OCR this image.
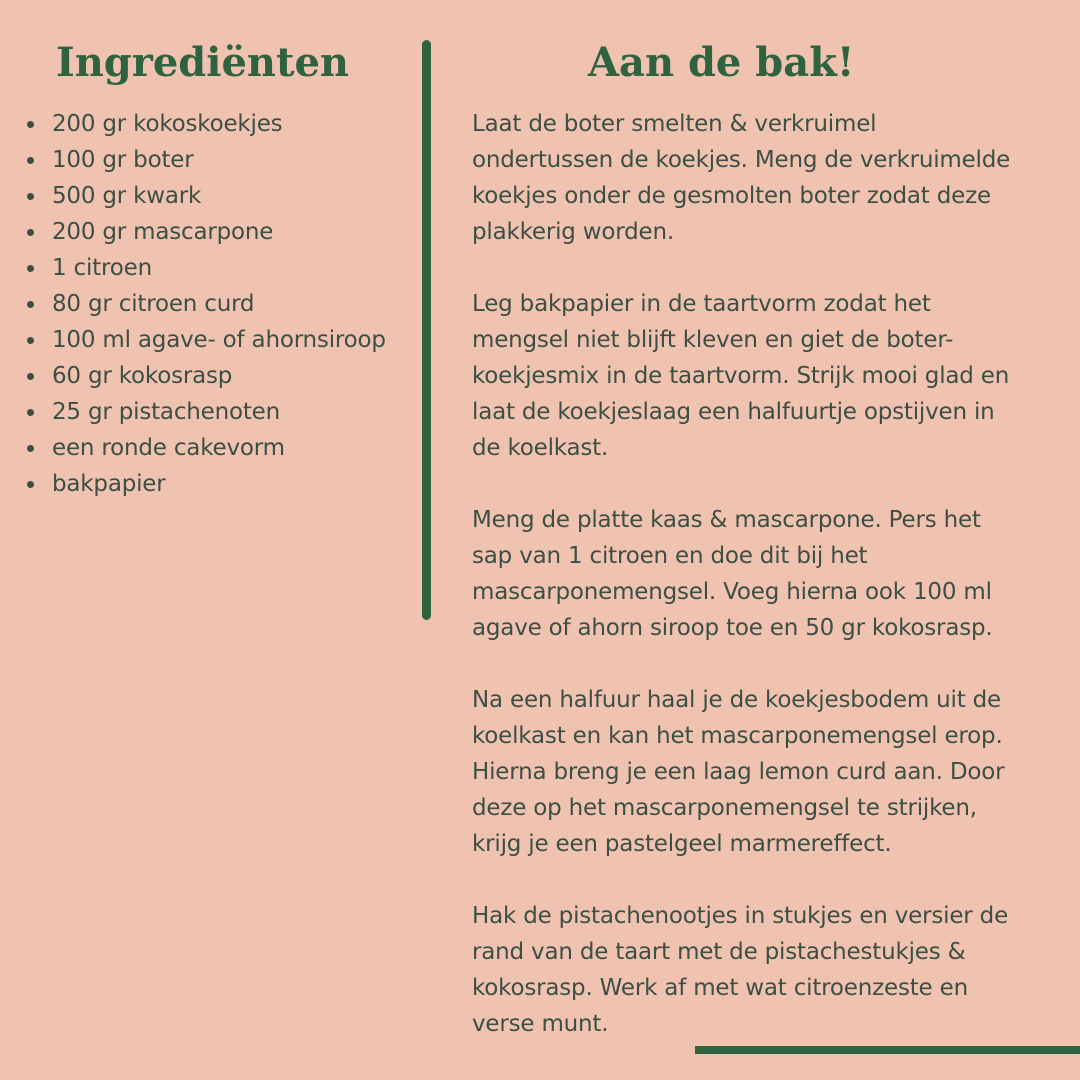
Ingrediënten
200 gr kokoskoekjes
100 gr boter
500 gr kwark
200 gr mascarpone
1 citroen
80 gr citroen curd
100 ml agave- of ahornsiroop
60 gr kokosrasp
25 gr pistachenoten
een ronde cakevorm
bakpapier
Aan de bak!

Laat de boter smelten & verkruimel
ondertussen de koekjes. Meng de verkruimelde
koekjes onder de gesmolten boter zodat deze
plakkerig worden.

Leg bakpapier in de taartvorm zodat het
mengsel niet blijft kleven en giet de boter-
koekjesmix in de taartvorm. Strijk mooi glad en
laat de koekjeslaag een halfuurtje opstijven in
de koelkast.

Meng de platte kaas & mascarpone. Pers het
sap van 1 citroen en doe dit bij het
mascarponemengsel. Voeg hierna ook 100 ml
agave of ahorn siroop toe en 50 gr kokosrasp.

Na een halfuur haal je de koekjesbodem uit de
koelkast en kan het mascarponemengsel erop.
Hierna breng je een laag lemon curd aan. Door
deze op het mascarponemengsel te strijken,
krijg je een pastelgeel marmereffect.

Hak de pistachenootjes in stukjes en versier de
rand van de taart met de pistachestukjes &
kokosrasp. Werk af met wat citroenzeste en
verse munt.
